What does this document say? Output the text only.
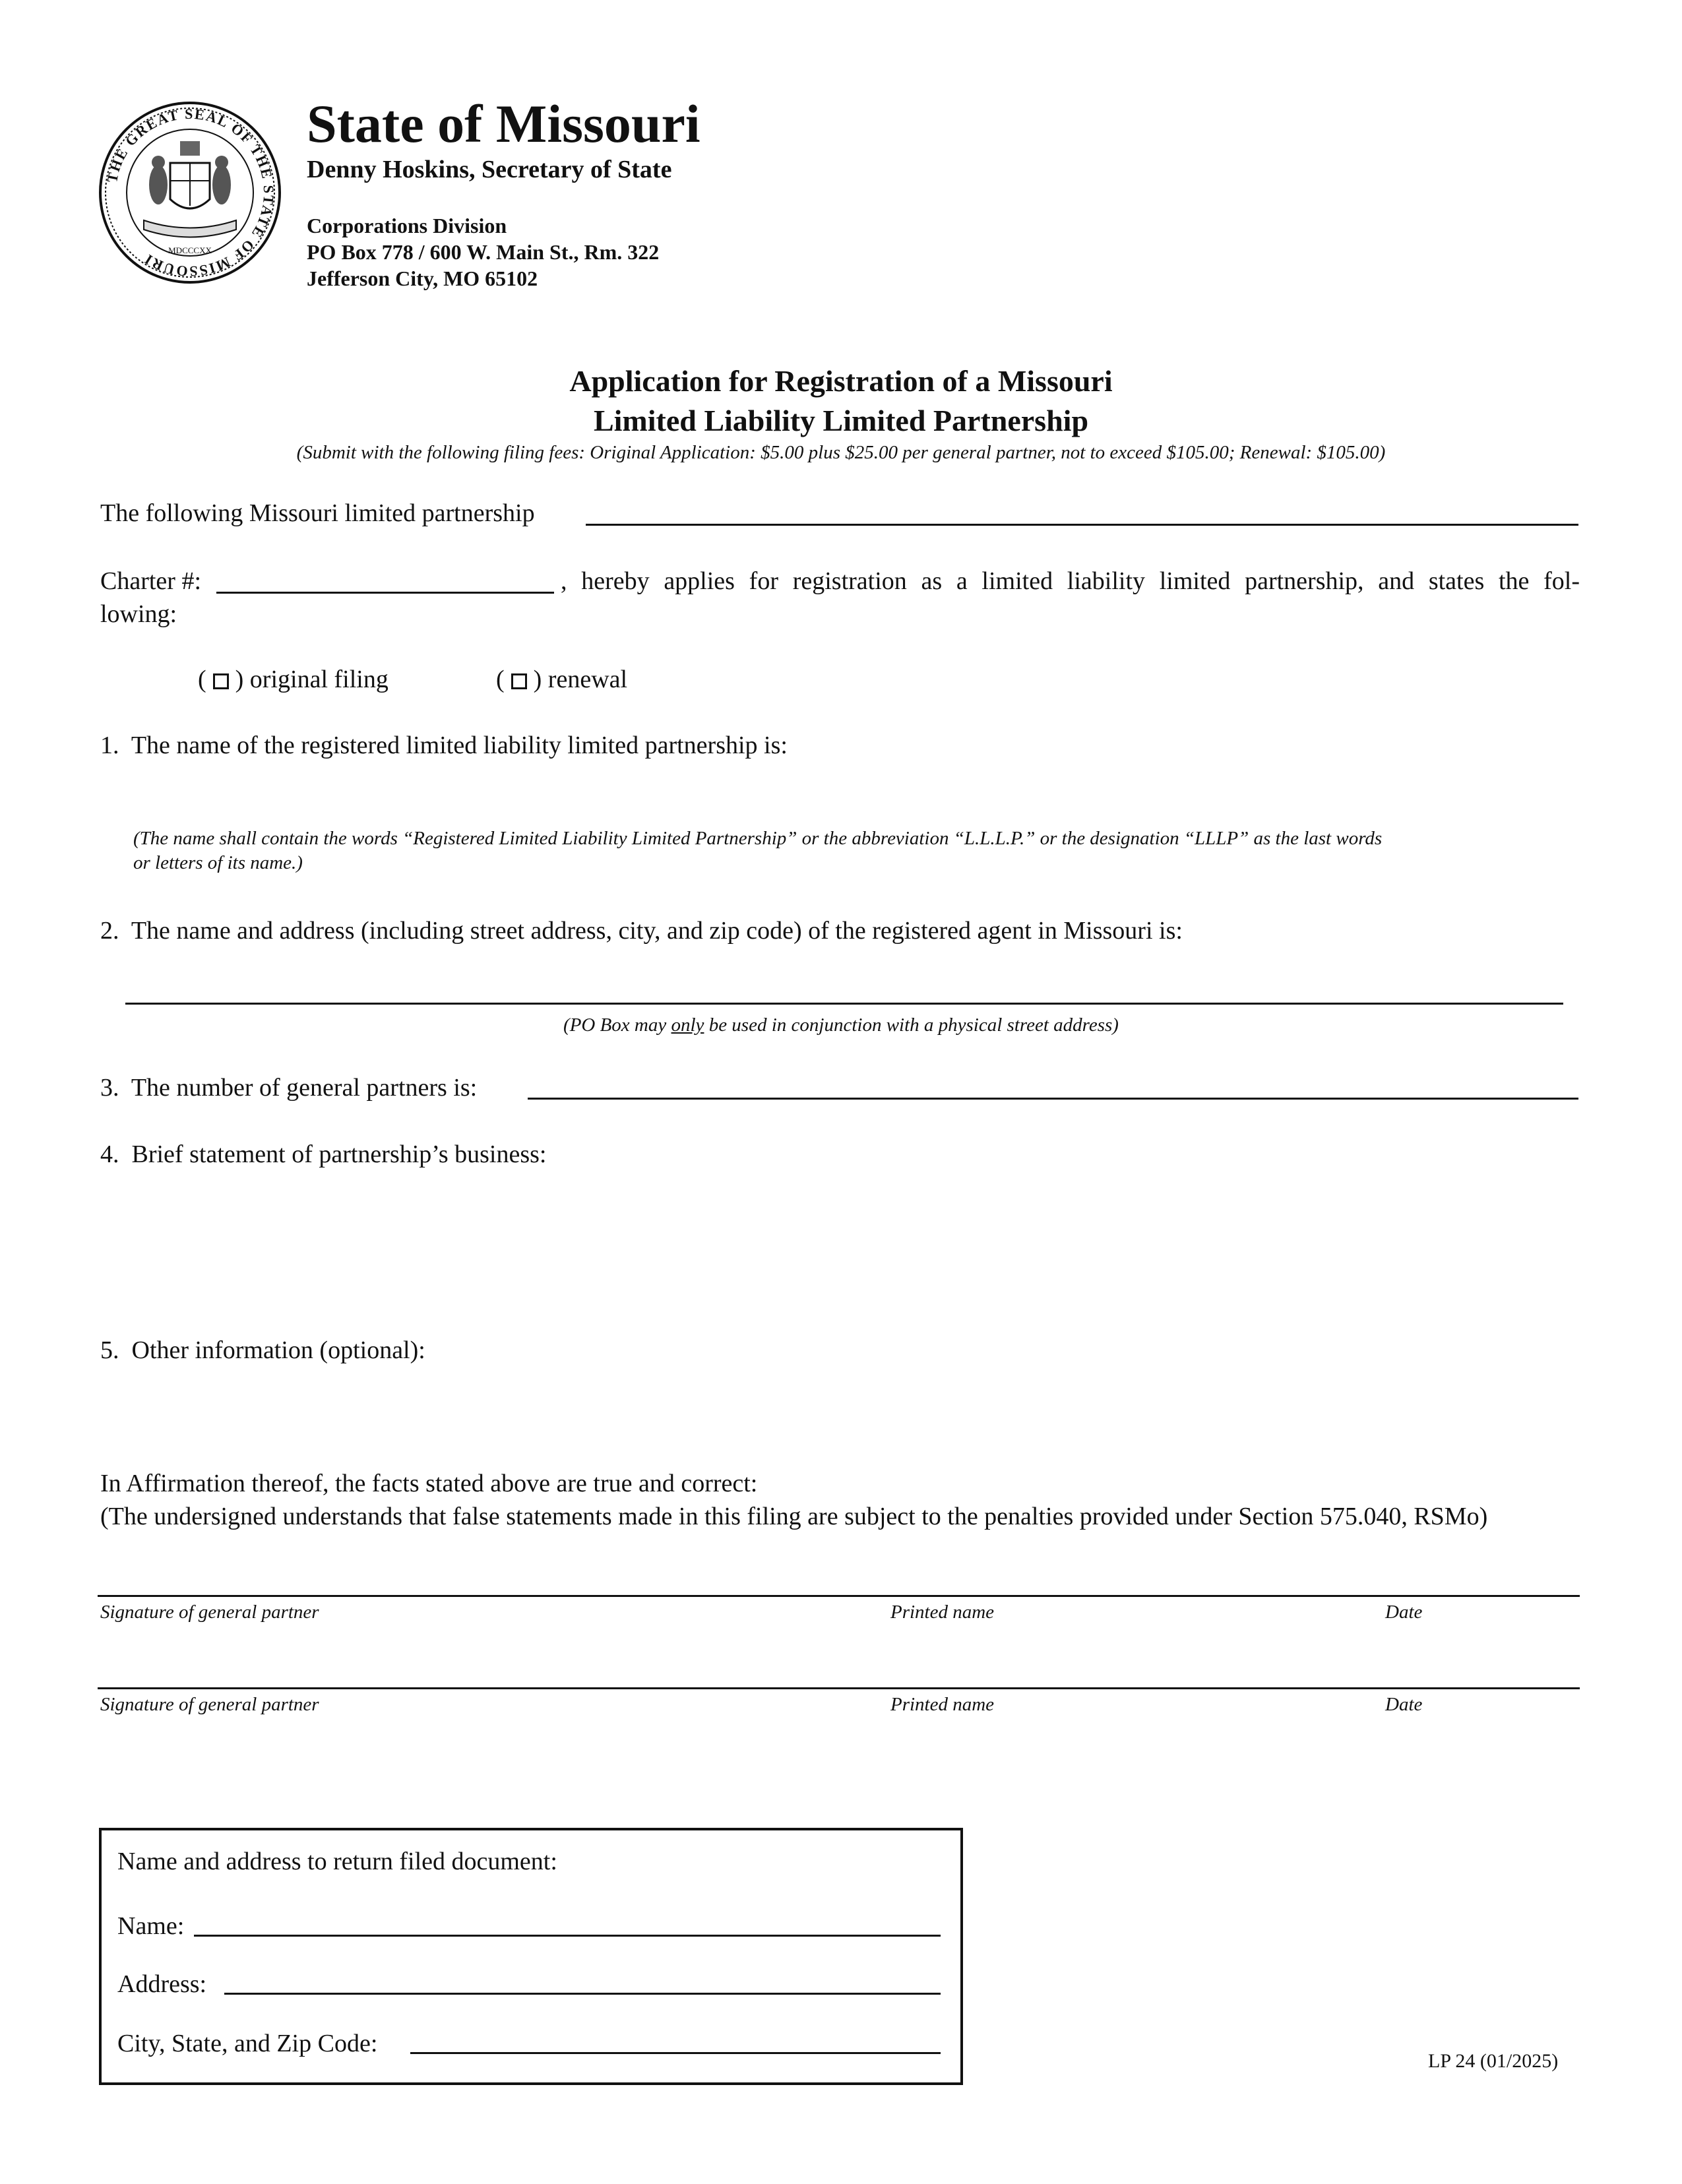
THE GREAT SEAL OF THE STATE OF MISSOURI
MDCCCXX
State of Missouri
Denny Hoskins, Secretary of State
Corporations Division
PO Box 778 / 600 W. Main St., Rm. 322
Jefferson City, MO 65102
Application for Registration of a Missouri
Limited Liability Limited Partnership
(Submit with the following filing fees: Original Application: $5.00 plus $25.00 per general partner, not to exceed $105.00; Renewal: $105.00)
The following Missouri limited partnership
Charter #:	, hereby applies for registration as a limited liability limited partnership, and states the fol-
lowing:
( ) original filing	( ) renewal
1.  The name of the registered limited liability limited partnership is:
(The name shall contain the words “Registered Limited Liability Limited Partnership” or the abbreviation “L.L.L.P.” or the designation “LLLP” as the last words
or letters of its name.)
2.  The name and address (including street address, city, and zip code) of the registered agent in Missouri is:
(PO Box may only be used in conjunction with a physical street address)
3.  The number of general partners is:
4.  Brief statement of partnership’s business:
5.  Other information (optional):
In Affirmation thereof, the facts stated above are true and correct:
(The undersigned understands that false statements made in this filing are subject to the penalties provided under Section 575.040, RSMo)
Signature of general partner	Printed name	Date
Signature of general partner	Printed name	Date
Name and address to return filed document:
Name:
Address:
City, State, and Zip Code:
LP 24 (01/2025)
